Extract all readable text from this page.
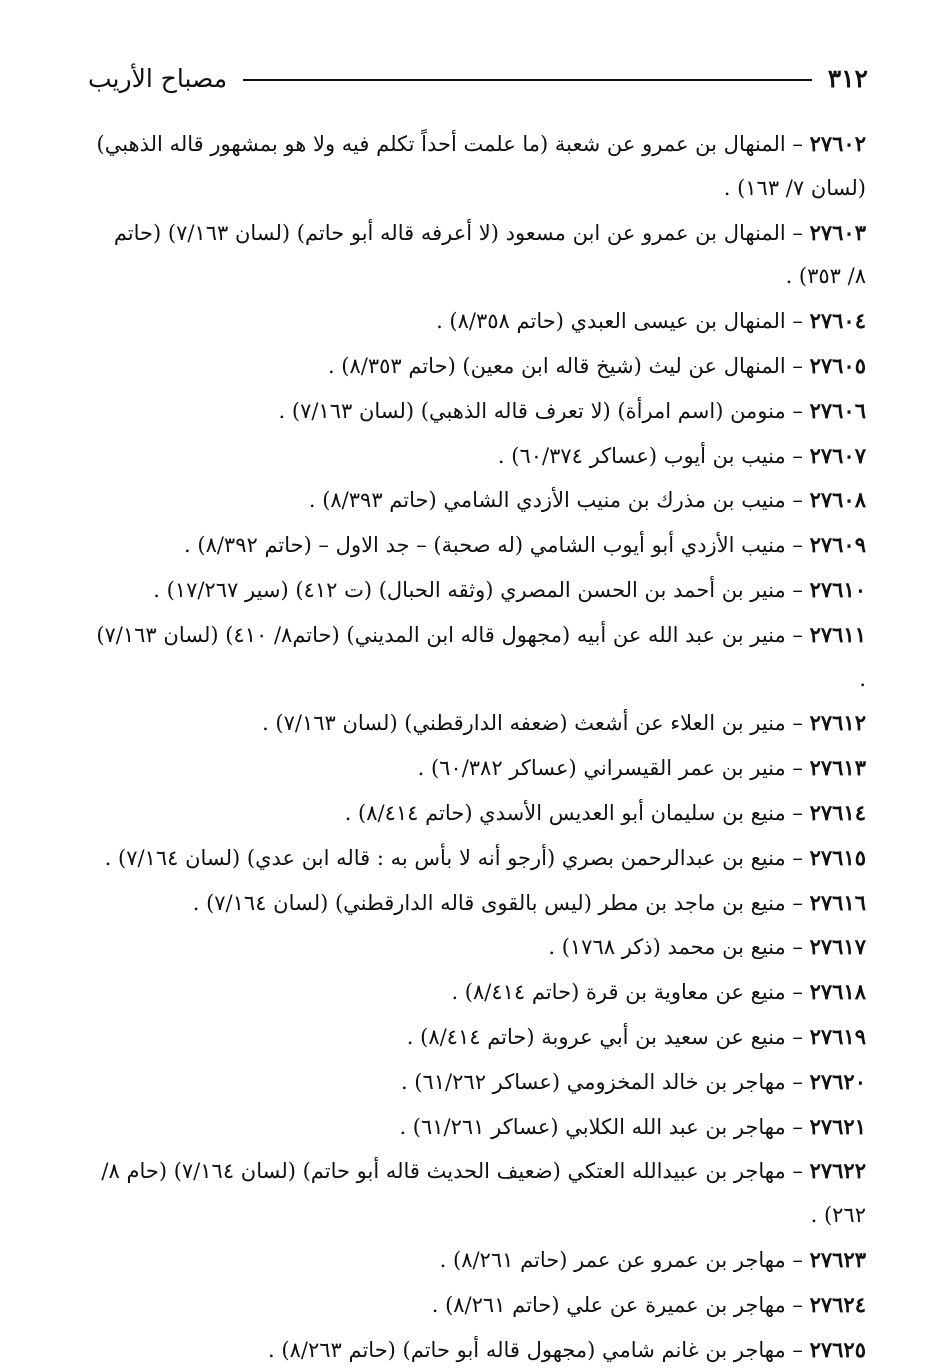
٣١٢
مصباح الأريب

٢٧٦٠٢ – المنهال بن عمرو عن شعبة (ما علمت أحداً تكلم فيه ولا هو بمشهور قاله الذهبي) (لسان ٧/ ١٦٣) .

٢٧٦٠٣ – المنهال بن عمرو عن ابن مسعود (لا أعرفه قاله أبو حاتم) (لسان ٧/١٦٣) (حاتم ٨/ ٣٥٣) .

٢٧٦٠٤ – المنهال بن عيسى العبدي (حاتم ٨/٣٥٨) .

٢٧٦٠٥ – المنهال عن ليث (شيخ قاله ابن معين) (حاتم ٨/٣٥٣) .

٢٧٦٠٦ – منومن (اسم امرأة) (لا تعرف قاله الذهبي) (لسان ٧/١٦٣) .

٢٧٦٠٧ – منيب بن أيوب (عساكر ٦٠/٣٧٤) .

٢٧٦٠٨ – منيب بن مذرك بن منيب الأزدي الشامي (حاتم ٨/٣٩٣) .

٢٧٦٠٩ – منيب الأزدي أبو أيوب الشامي (له صحبة) – جد الاول – (حاتم ٨/٣٩٢) .

٢٧٦١٠ – منير بن أحمد بن الحسن المصري (وثقه الحبال) (ت ٤١٢) (سير ١٧/٢٦٧) .

٢٧٦١١ – منير بن عبد الله عن أبيه (مجهول قاله ابن المديني) (حاتم٨/ ٤١٠) (لسان ٧/١٦٣) .

٢٧٦١٢ – منير بن العلاء عن أشعث (ضعفه الدارقطني) (لسان ٧/١٦٣) .

٢٧٦١٣ – منير بن عمر القيسراني (عساكر ٦٠/٣٨٢) .

٢٧٦١٤ – منيع بن سليمان أبو العديس الأسدي (حاتم ٨/٤١٤) .

٢٧٦١٥ – منيع بن عبدالرحمن بصري (أرجو أنه لا بأس به : قاله ابن عدي) (لسان ٧/١٦٤) .

٢٧٦١٦ – منيع بن ماجد بن مطر (ليس بالقوى قاله الدارقطني) (لسان ٧/١٦٤) .

٢٧٦١٧ – منيع بن محمد (ذكر ١٧٦٨) .

٢٧٦١٨ – منيع عن معاوية بن قرة (حاتم ٨/٤١٤) .

٢٧٦١٩ – منيع عن سعيد بن أبي عروبة (حاتم ٨/٤١٤) .

٢٧٦٢٠ – مهاجر بن خالد المخزومي (عساكر ٦١/٢٦٢) .

٢٧٦٢١ – مهاجر بن عبد الله الكلابي (عساكر ٦١/٢٦١) .

٢٧٦٢٢ – مهاجر بن عبيدالله العتكي (ضعيف الحديث قاله أبو حاتم) (لسان ٧/١٦٤) (حام ٨/ ٢٦٢) .

٢٧٦٢٣ – مهاجر بن عمرو عن عمر (حاتم ٨/٢٦١) .

٢٧٦٢٤ – مهاجر بن عميرة عن علي (حاتم ٨/٢٦١) .

٢٧٦٢٥ – مهاجر بن غانم شامي (مجهول قاله أبو حاتم) (حاتم ٨/٢٦٣) .
